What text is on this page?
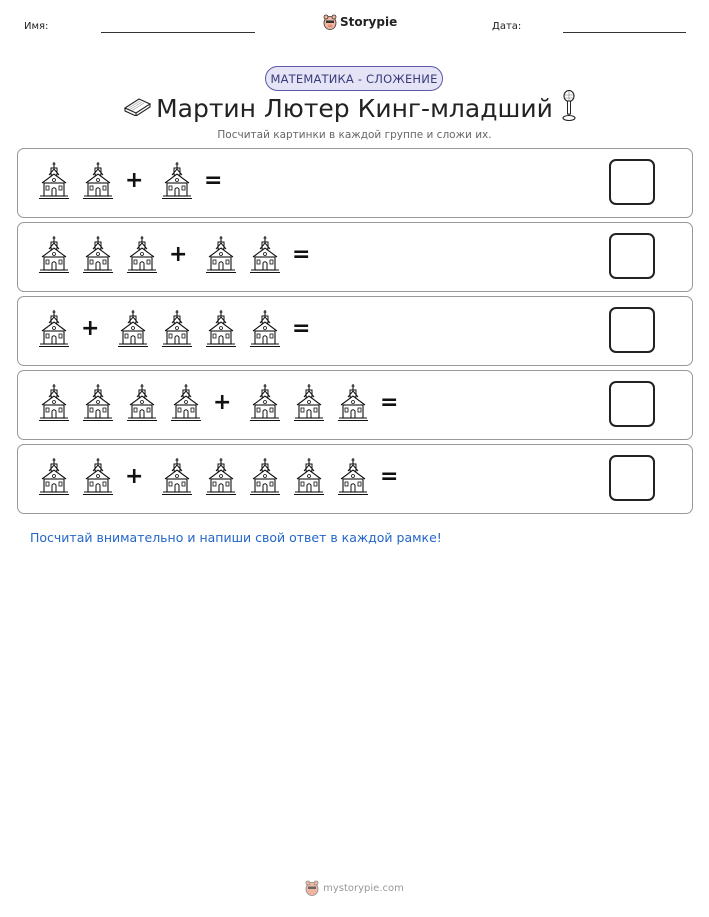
Имя:	Storypie	Дата:
МАТЕМАТИКА - СЛОЖЕНИЕ
Мартин Лютер Кинг-младший
Посчитай картинки в каждой группе и сложи их.
+	=
+	=
+	=
+	=
+	=
Посчитай внимательно и напиши свой ответ в каждой рамке!
mystorypie.com
